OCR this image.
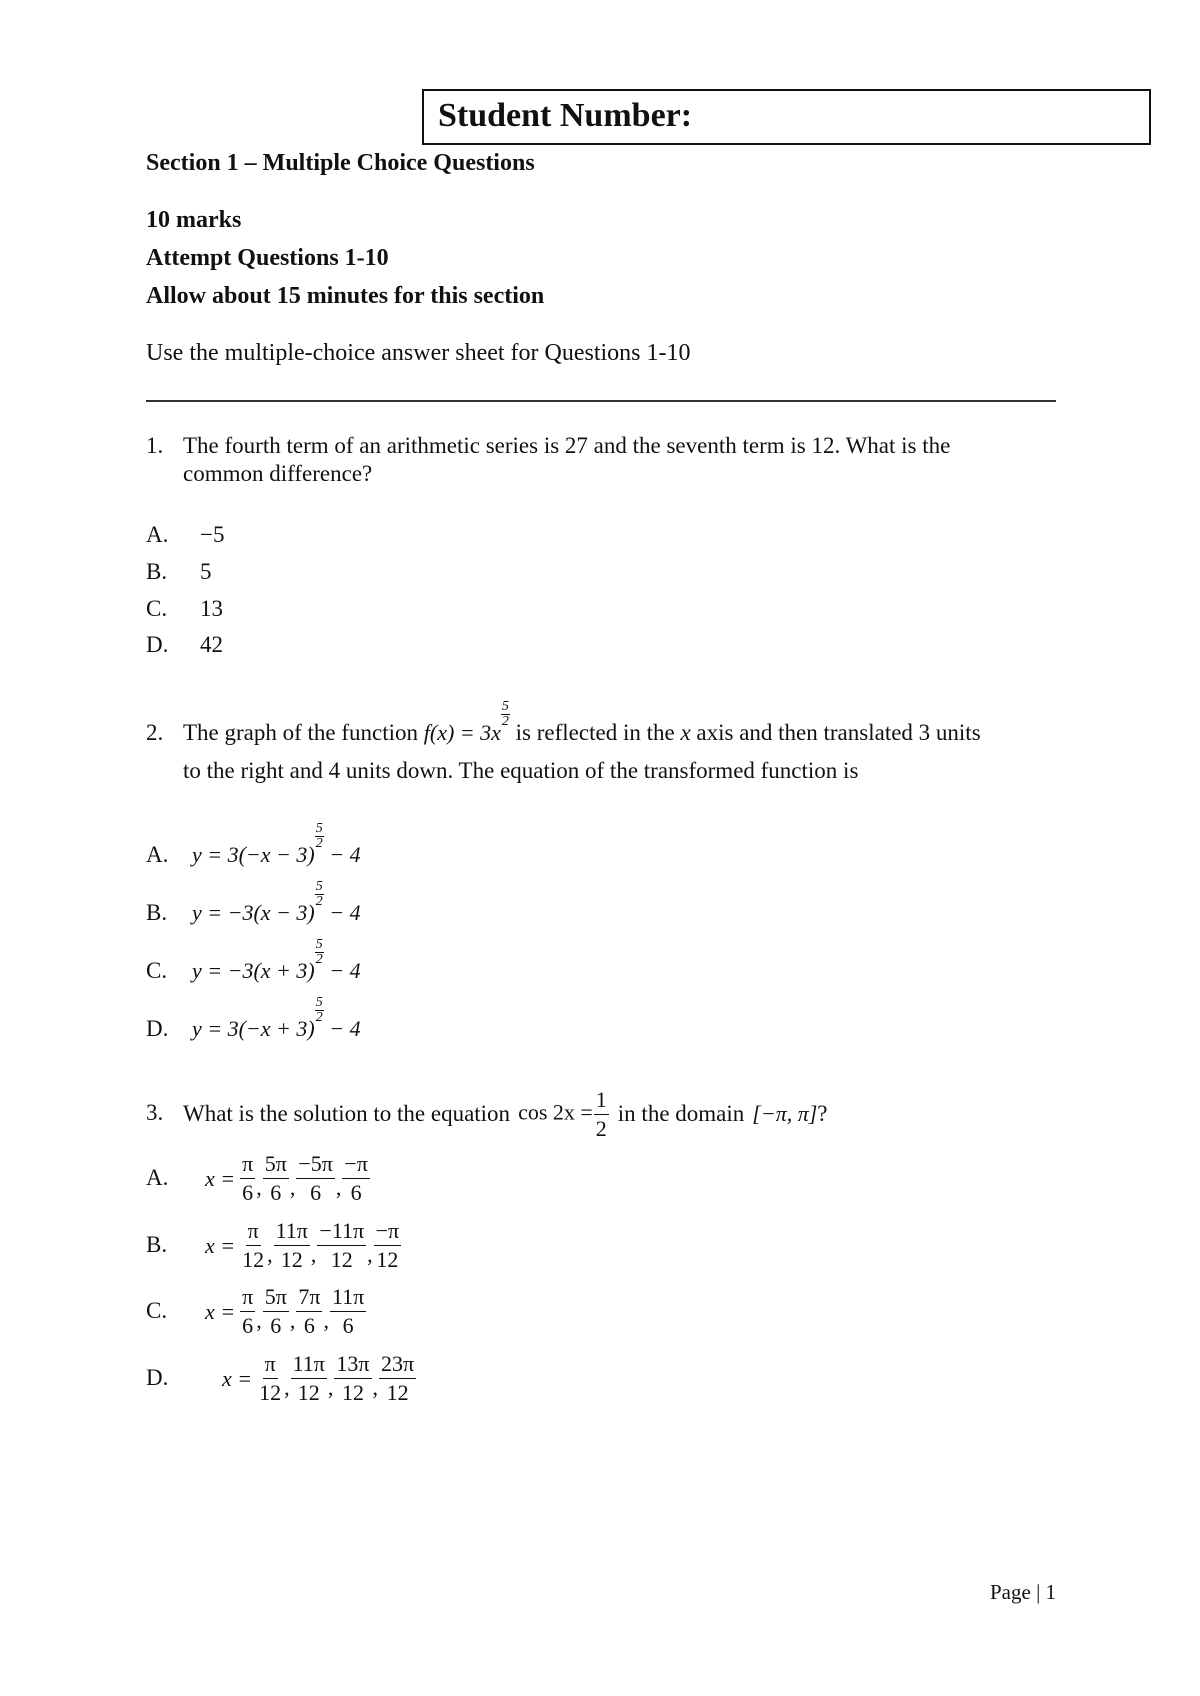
Student Number:
Section 1 – Multiple Choice Questions
10 marks
Attempt Questions 1-10
Allow about 15 minutes for this section
Use the multiple-choice answer sheet for Questions 1-10
1. The fourth term of an arithmetic series is 27 and the seventh term is 12. What is the
common difference?
A. −5
B. 5
C. 13
D. 42
2. The graph of the function f(x) = 3x
$\frac{5}{2}$
is reflected in the x axis and then translated 3 units
to the right and 4 units down. The equation of the transformed function is
A. y = 3(−x − 3)
$\frac{5}{2}$
− 4
B. y = −3(x − 3)
$\frac{5}{2}$
− 4
C. y = −3(x + 3)
$\frac{5}{2}$
− 4
D. y = 3(−x + 3)
$\frac{5}{2}$
− 4
3. What is the solution to the equation $\cos 2x = \frac{1}{2}$ in the domain [−π, π] ?
A. $x = \frac{\pi}{6}$ , $\frac{5\pi}{6}$ , $\frac{-5\pi}{6}$ , $\frac{-\pi}{6}$
B. $x = \frac{\pi}{12}$ , $\frac{11\pi}{12}$ , $\frac{-11\pi}{12}$ , $\frac{-\pi}{12}$
C. $x = \frac{\pi}{6}$ , $\frac{5\pi}{6}$ , $\frac{7\pi}{6}$ , $\frac{11\pi}{6}$
D. $x = \frac{\pi}{12}$ , $\frac{11\pi}{12}$ , $\frac{13\pi}{12}$ , $\frac{23\pi}{12}$
Page | 1
